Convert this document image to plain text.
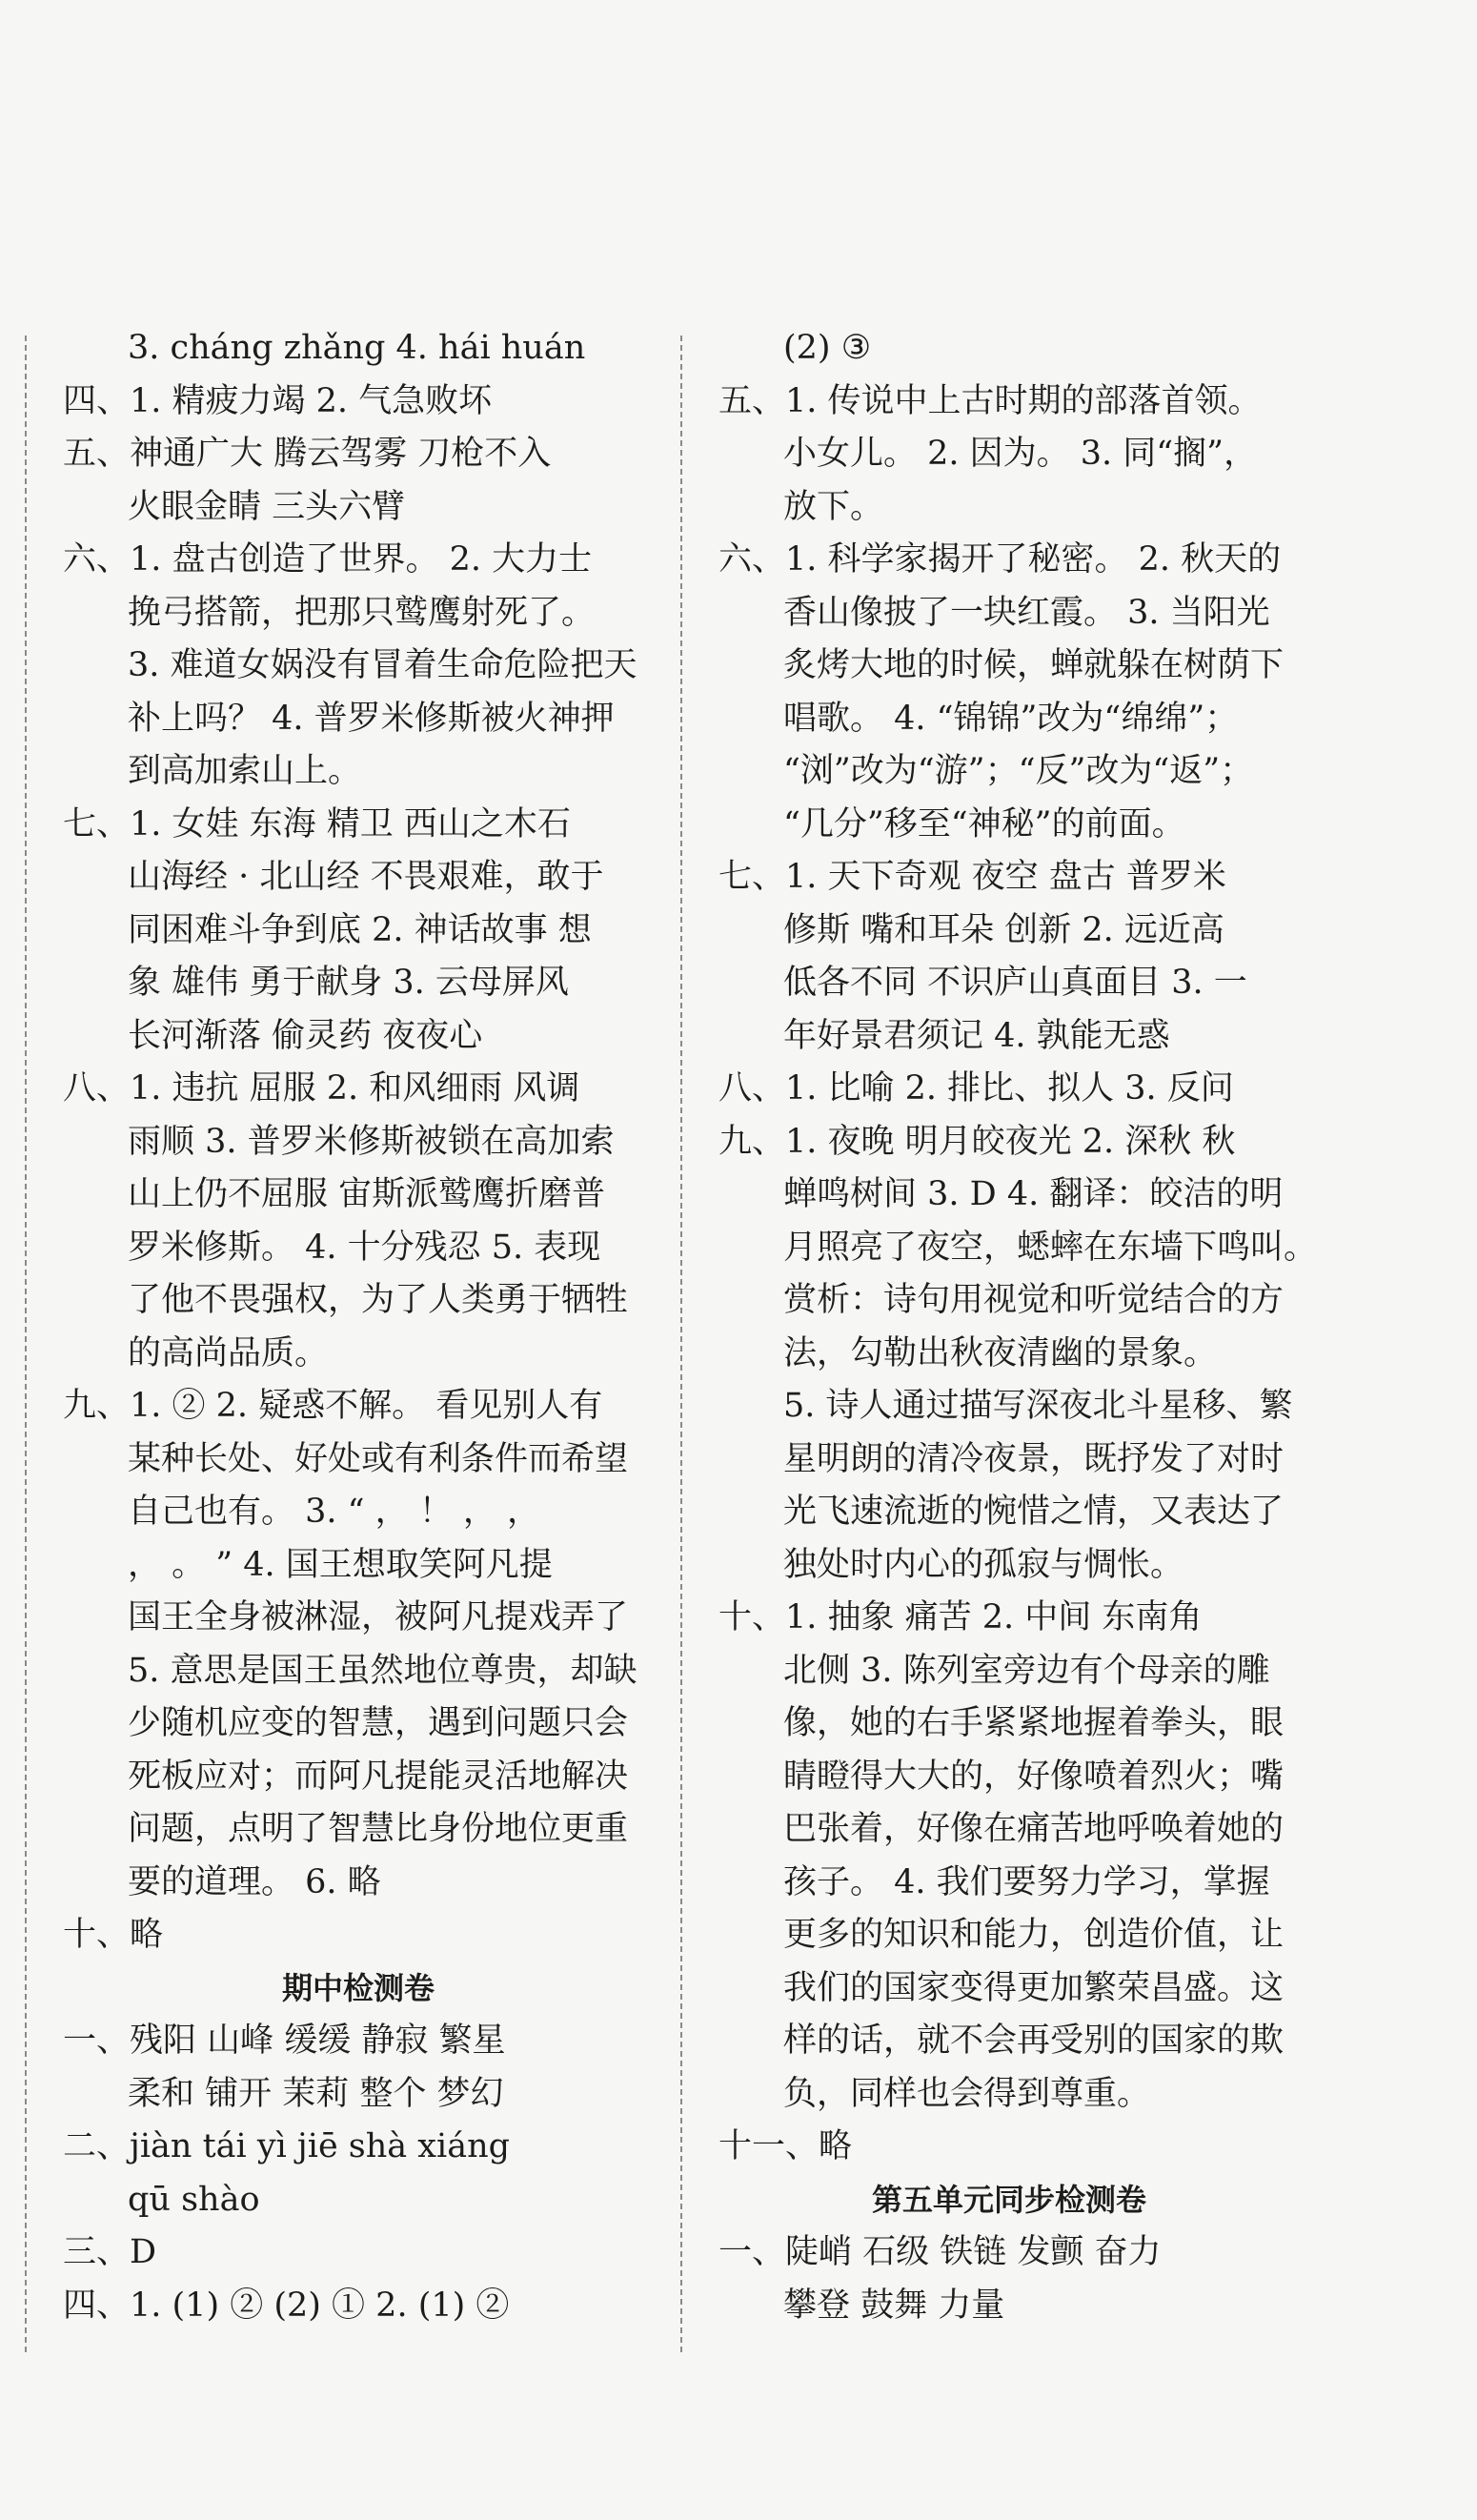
3. cháng zhǎng 4. hái huán
四、1. 精疲力竭 2. 气急败坏
五、神通广大 腾云驾雾 刀枪不入
火眼金睛 三头六臂
六、1. 盘古创造了世界。 2. 大力士
挽弓搭箭，把那只鹫鹰射死了。
3. 难道女娲没有冒着生命危险把天
补上吗？ 4. 普罗米修斯被火神押
到高加索山上。
七、1. 女娃 东海 精卫 西山之木石
山海经 · 北山经 不畏艰难，敢于
同困难斗争到底 2. 神话故事 想
象 雄伟 勇于献身 3. 云母屏风
长河渐落 偷灵药 夜夜心
八、1. 违抗 屈服 2. 和风细雨 风调
雨顺 3. 普罗米修斯被锁在高加索
山上仍不屈服 宙斯派鹫鹰折磨普
罗米修斯。 4. 十分残忍 5. 表现
了他不畏强权，为了人类勇于牺牲
的高尚品质。
九、1. ② 2. 疑惑不解。 看见别人有
某种长处、好处或有利条件而希望
自己也有。 3. “ ， ！ ， ，
， 。 ” 4. 国王想取笑阿凡提
国王全身被淋湿，被阿凡提戏弄了
5. 意思是国王虽然地位尊贵，却缺
少随机应变的智慧，遇到问题只会
死板应对；而阿凡提能灵活地解决
问题，点明了智慧比身份地位更重
要的道理。 6. 略
十、略
期中检测卷
一、残阳 山峰 缓缓 静寂 繁星
柔和 铺开 茉莉 整个 梦幻
二、jiàn tái yì jiē shà xiáng
qū shào
三、D
四、1. (1) ② (2) ① 2. (1) ②
(2) ③
五、1. 传说中上古时期的部落首领。
小女儿。 2. 因为。 3. 同“搁”，
放下。
六、1. 科学家揭开了秘密。 2. 秋天的
香山像披了一块红霞。 3. 当阳光
炙烤大地的时候，蝉就躲在树荫下
唱歌。 4. “锦锦”改为“绵绵”；
“浏”改为“游”；“反”改为“返”；
“几分”移至“神秘”的前面。
七、1. 天下奇观 夜空 盘古 普罗米
修斯 嘴和耳朵 创新 2. 远近高
低各不同 不识庐山真面目 3. 一
年好景君须记 4. 孰能无惑
八、1. 比喻 2. 排比、拟人 3. 反问
九、1. 夜晚 明月皎夜光 2. 深秋 秋
蝉鸣树间 3. D 4. 翻译：皎洁的明
月照亮了夜空，蟋蟀在东墙下鸣叫。
赏析：诗句用视觉和听觉结合的方
法，勾勒出秋夜清幽的景象。
5. 诗人通过描写深夜北斗星移、繁
星明朗的清冷夜景，既抒发了对时
光飞速流逝的惋惜之情，又表达了
独处时内心的孤寂与惆怅。
十、1. 抽象 痛苦 2. 中间 东南角
北侧 3. 陈列室旁边有个母亲的雕
像，她的右手紧紧地握着拳头，眼
睛瞪得大大的，好像喷着烈火；嘴
巴张着，好像在痛苦地呼唤着她的
孩子。 4. 我们要努力学习，掌握
更多的知识和能力，创造价值，让
我们的国家变得更加繁荣昌盛。这
样的话，就不会再受别的国家的欺
负，同样也会得到尊重。
十一、略
第五单元同步检测卷
一、陡峭 石级 铁链 发颤 奋力
攀登 鼓舞 力量
